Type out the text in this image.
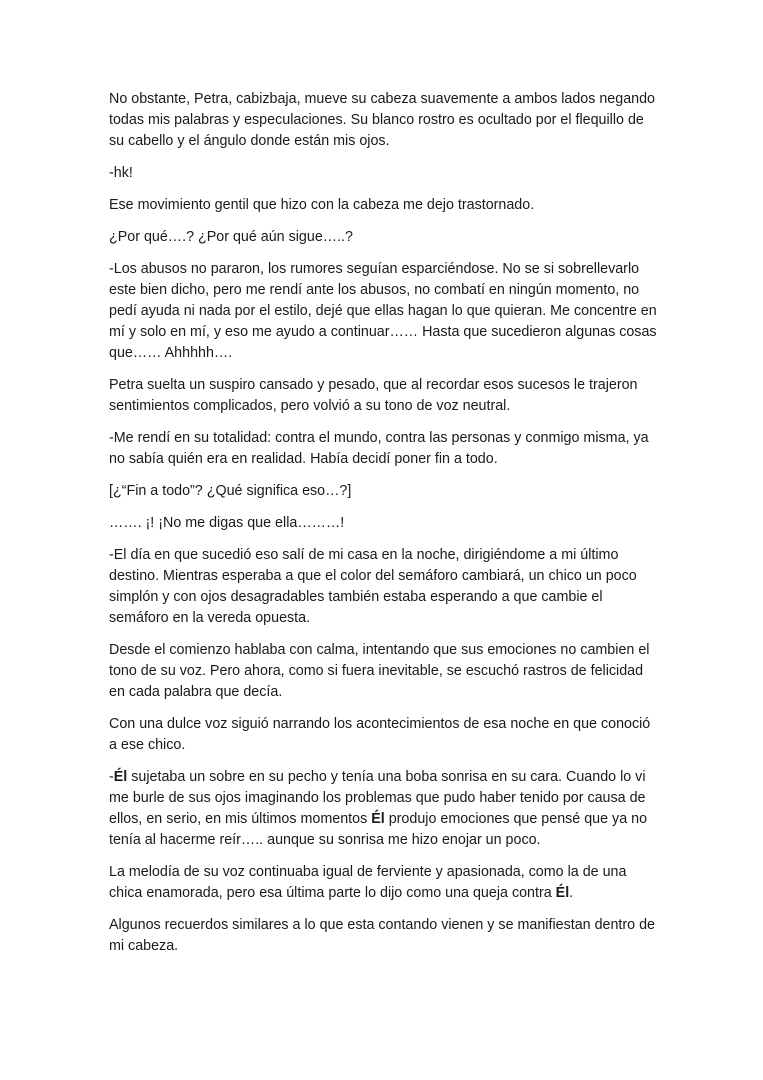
No obstante, Petra, cabizbaja, mueve su cabeza suavemente a ambos lados negando todas mis palabras y especulaciones. Su blanco rostro es ocultado por el flequillo de su cabello y el ángulo donde están mis ojos.

-hk!

Ese movimiento gentil que hizo con la cabeza me dejo trastornado.

¿Por qué….? ¿Por qué aún sigue…..?

-Los abusos no pararon, los rumores seguían esparciéndose. No se si sobrellevarlo este bien dicho, pero me rendí ante los abusos, no combatí en ningún momento, no pedí ayuda ni nada por el estilo, dejé que ellas hagan lo que quieran. Me concentre en mí y solo en mí, y eso me ayudo a continuar…… Hasta que sucedieron algunas cosas que…… Ahhhhh….

Petra suelta un suspiro cansado y pesado, que al recordar esos sucesos le trajeron sentimientos complicados, pero volvió a su tono de voz neutral.

-Me rendí en su totalidad: contra el mundo, contra las personas y conmigo misma, ya no sabía quién era en realidad. Había decidí poner fin a todo.

[¿“Fin a todo”? ¿Qué significa eso…?]

……. ¡! ¡No me digas que ella………!

-El día en que sucedió eso salí de mi casa en la noche, dirigiéndome a mi último destino. Mientras esperaba a que el color del semáforo cambiará, un chico un poco simplón y con ojos desagradables también estaba esperando a que cambie el semáforo en la vereda opuesta.

Desde el comienzo hablaba con calma, intentando que sus emociones no cambien el tono de su voz. Pero ahora, como si fuera inevitable, se escuchó rastros de felicidad en cada palabra que decía.

Con una dulce voz siguió narrando los acontecimientos de esa noche en que conoció a ese chico.

-Él sujetaba un sobre en su pecho y tenía una boba sonrisa en su cara. Cuando lo vi me burle de sus ojos imaginando los problemas que pudo haber tenido por causa de ellos, en serio, en mis últimos momentos Él produjo emociones que pensé que ya no tenía al hacerme reír….. aunque su sonrisa me hizo enojar un poco.

La melodía de su voz continuaba igual de ferviente y apasionada, como la de una chica enamorada, pero esa última parte lo dijo como una queja contra Él.

Algunos recuerdos similares a lo que esta contando vienen y se manifiestan dentro de mi cabeza.
